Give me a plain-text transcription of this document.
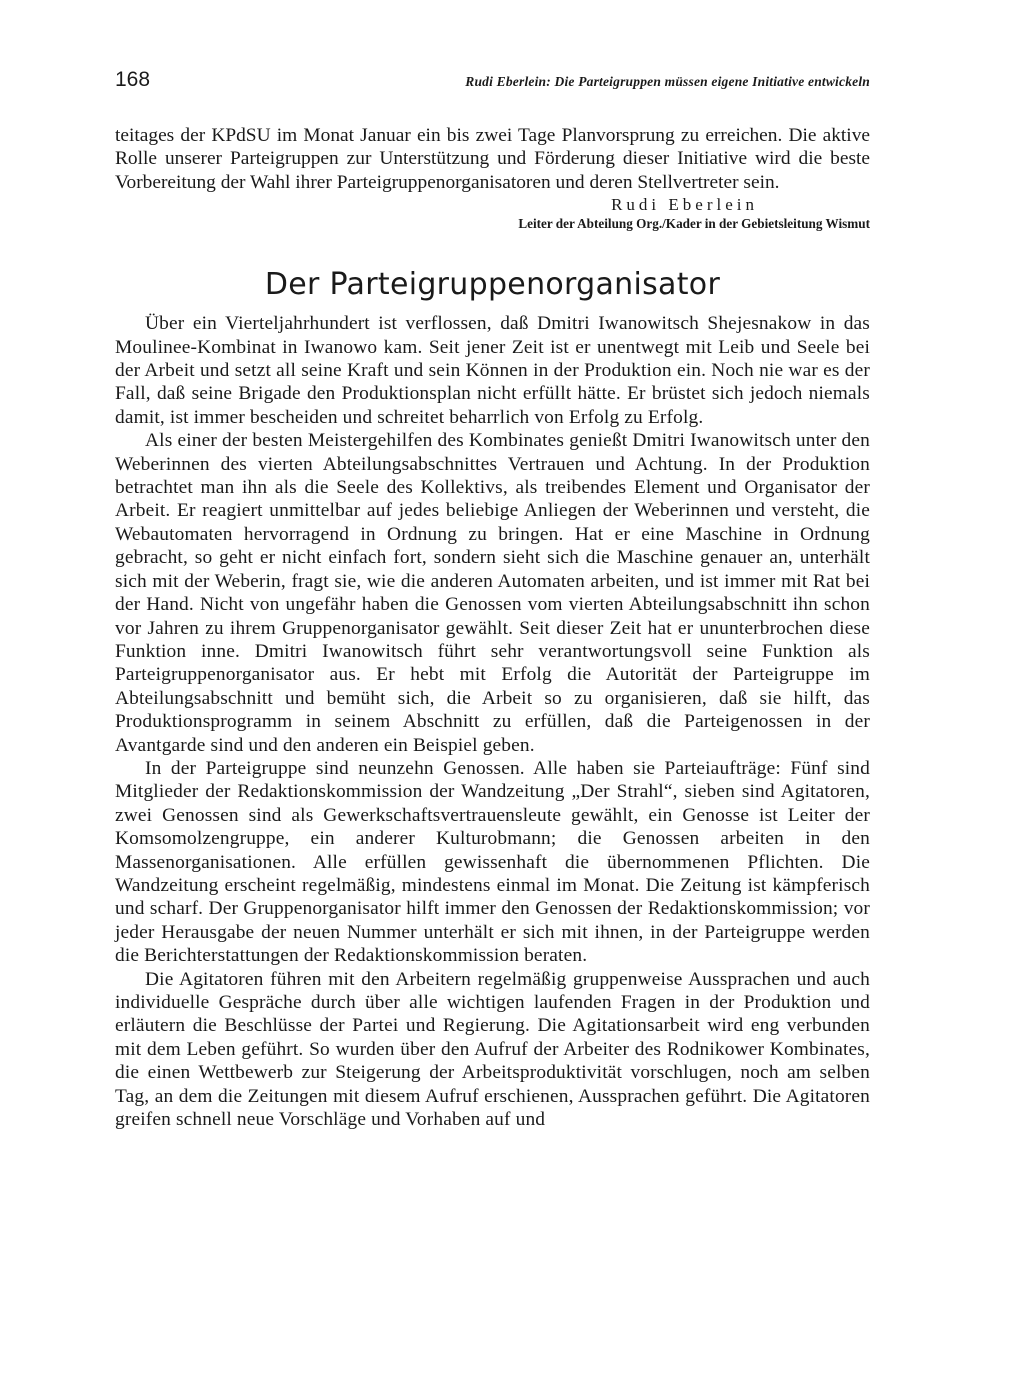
168	Rudi Eberlein: Die Parteigruppen müssen eigene Initiative entwickeln

teitages der KPdSU im Monat Januar ein bis zwei Tage Planvorsprung zu erreichen. Die aktive Rolle unserer Parteigruppen zur Unterstützung und Förderung dieser Initiative wird die beste Vorbereitung der Wahl ihrer Parteigruppenorganisatoren und deren Stellvertreter sein.

Rudi Eberlein
Leiter der Abteilung Org./Kader in der Gebietsleitung Wismut
Der Parteigruppenorganisator

Über ein Vierteljahrhundert ist verflossen, daß Dmitri Iwanowitsch Shejesnakow in das Moulinee-Kombinat in Iwanowo kam. Seit jener Zeit ist er unentwegt mit Leib und Seele bei der Arbeit und setzt all seine Kraft und sein Können in der Produktion ein. Noch nie war es der Fall, daß seine Brigade den Produktionsplan nicht erfüllt hätte. Er brüstet sich jedoch niemals damit, ist immer bescheiden und schreitet beharrlich von Erfolg zu Erfolg.

Als einer der besten Meistergehilfen des Kombinates genießt Dmitri Iwanowitsch unter den Weberinnen des vierten Abteilungsabschnittes Vertrauen und Achtung. In der Produktion betrachtet man ihn als die Seele des Kollektivs, als treibendes Element und Organisator der Arbeit. Er reagiert unmittelbar auf jedes beliebige Anliegen der Weberinnen und versteht, die Webautomaten hervorragend in Ordnung zu bringen. Hat er eine Maschine in Ordnung gebracht, so geht er nicht einfach fort, sondern sieht sich die Maschine genauer an, unterhält sich mit der Weberin, fragt sie, wie die anderen Automaten arbeiten, und ist immer mit Rat bei der Hand. Nicht von ungefähr haben die Genossen vom vierten Abteilungsabschnitt ihn schon vor Jahren zu ihrem Gruppenorganisator gewählt. Seit dieser Zeit hat er ununterbrochen diese Funktion inne. Dmitri Iwanowitsch führt sehr verantwortungsvoll seine Funktion als Parteigruppenorganisator aus. Er hebt mit Erfolg die Autorität der Parteigruppe im Abteilungsabschnitt und bemüht sich, die Arbeit so zu organisieren, daß sie hilft, das Produktionsprogramm in seinem Abschnitt zu erfüllen, daß die Parteigenossen in der Avantgarde sind und den anderen ein Beispiel geben.

In der Parteigruppe sind neunzehn Genossen. Alle haben sie Parteiaufträge: Fünf sind Mitglieder der Redaktionskommission der Wandzeitung „Der Strahl“, sieben sind Agitatoren, zwei Genossen sind als Gewerkschaftsvertrauensleute gewählt, ein Genosse ist Leiter der Komsomolzengruppe, ein anderer Kulturobmann; die Genossen arbeiten in den Massenorganisationen. Alle erfüllen gewissenhaft die übernommenen Pflichten. Die Wandzeitung erscheint regelmäßig, mindestens einmal im Monat. Die Zeitung ist kämpferisch und scharf. Der Gruppenorganisator hilft immer den Genossen der Redaktionskommission; vor jeder Herausgabe der neuen Nummer unterhält er sich mit ihnen, in der Parteigruppe werden die Berichterstattungen der Redaktionskommission beraten.

Die Agitatoren führen mit den Arbeitern regelmäßig gruppenweise Aussprachen und auch individuelle Gespräche durch über alle wichtigen laufenden Fragen in der Produktion und erläutern die Beschlüsse der Partei und Regierung. Die Agitationsarbeit wird eng verbunden mit dem Leben geführt. So wurden über den Aufruf der Arbeiter des Rodnikower Kombinates, die einen Wettbewerb zur Steigerung der Arbeitsproduktivität vorschlugen, noch am selben Tag, an dem die Zeitungen mit diesem Aufruf erschienen, Aussprachen geführt. Die Agitatoren greifen schnell neue Vorschläge und Vorhaben auf und
